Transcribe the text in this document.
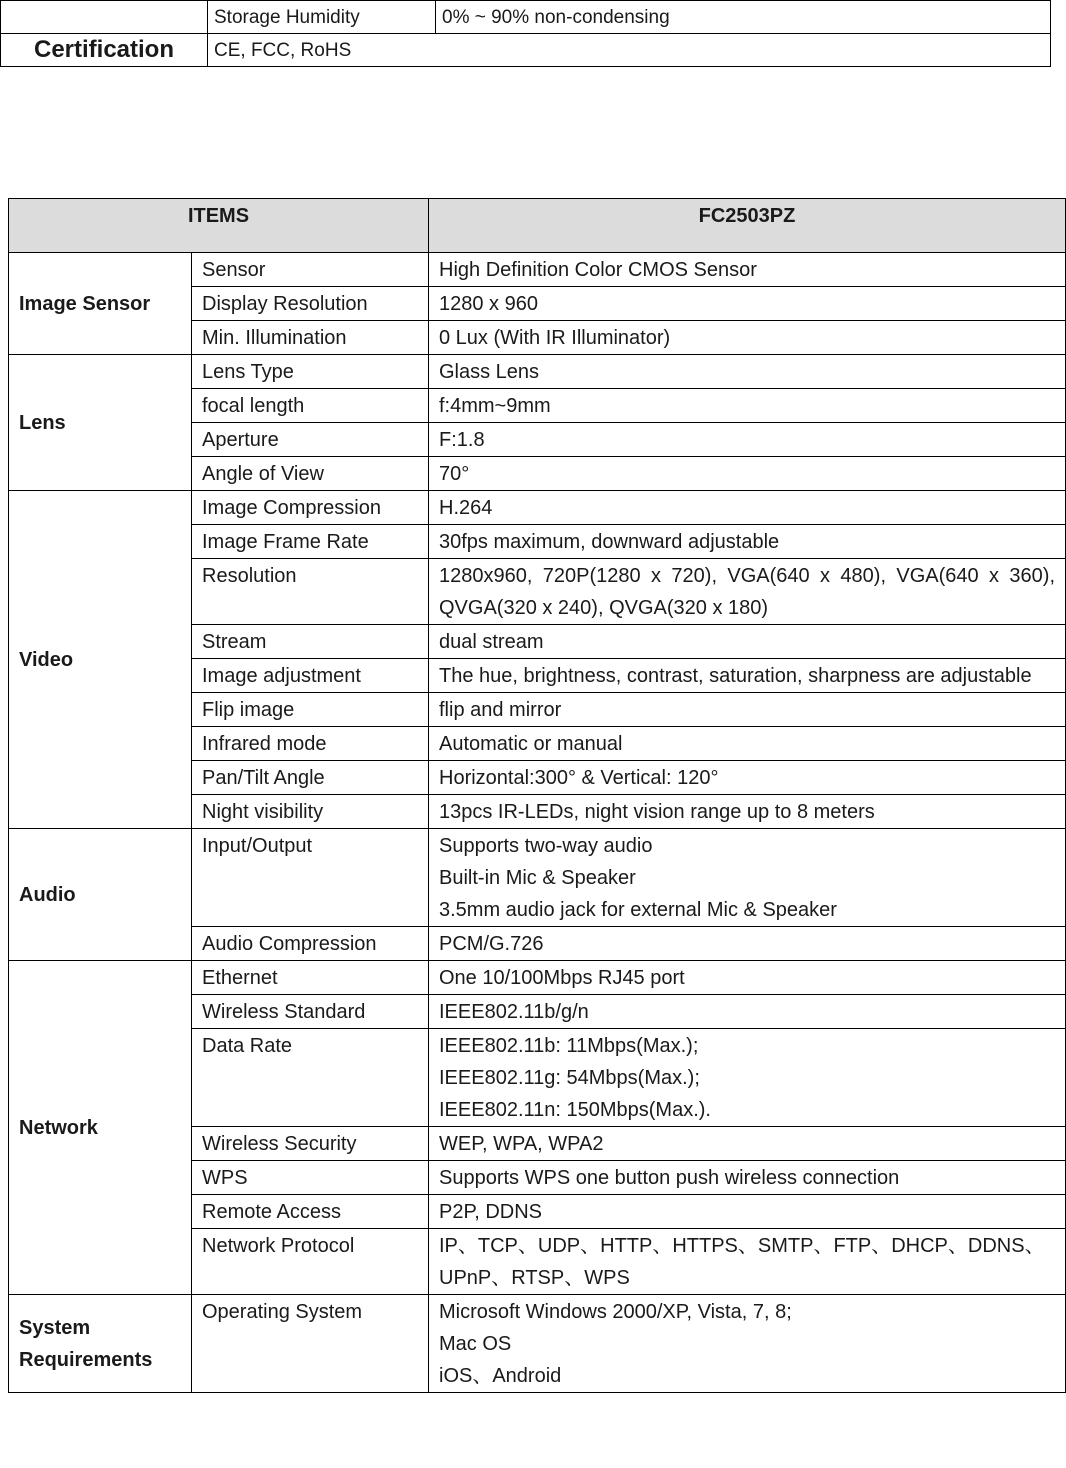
	Storage Humidity	0% ~ 90% non-condensing
Certification	CE, FCC, RoHS	
ITEMS		FC2503PZ
Image Sensor	Sensor	High Definition Color CMOS Sensor
	Display Resolution	1280 x 960
	Min. Illumination	0 Lux (With IR Illuminator)
Lens	Lens Type	Glass Lens
	focal length	f:4mm~9mm
	Aperture	F:1.8
	Angle of View	70°
Video	Image Compression	H.264
	Image Frame Rate	30fps maximum, downward adjustable
	Resolution	1280x960, 720P(1280 x 720), VGA(640 x 480), VGA(640 x 360), QVGA(320 x 240), QVGA(320 x 180)
	Stream	dual stream
	Image adjustment	The hue, brightness, contrast, saturation, sharpness are adjustable
	Flip image	flip and mirror
	Infrared mode	Automatic or manual
	Pan/Tilt Angle	Horizontal:300° & Vertical: 120°
	Night visibility	13pcs IR-LEDs, night vision range up to 8 meters
Audio	Input/Output	Supports two-way audio
Built-in Mic & Speaker
3.5mm audio jack for external Mic & Speaker

	Audio Compression	PCM/G.726
Network	Ethernet	One 10/100Mbps RJ45 port
	Wireless Standard	IEEE802.11b/g/n
	Data Rate	IEEE802.11b: 11Mbps(Max.);
IEEE802.11g: 54Mbps(Max.);
IEEE802.11n: 150Mbps(Max.).

	Wireless Security	WEP, WPA, WPA2
	WPS	Supports WPS one button push wireless connection
	Remote Access	P2P, DDNS
	Network Protocol	IP、TCP、UDP、HTTP、HTTPS、SMTP、FTP、DHCP、DDNS、UPnP、RTSP、WPS

System
Requirements	Operating System	Microsoft Windows 2000/XP, Vista, 7, 8;
Mac OS
iOS、Android
